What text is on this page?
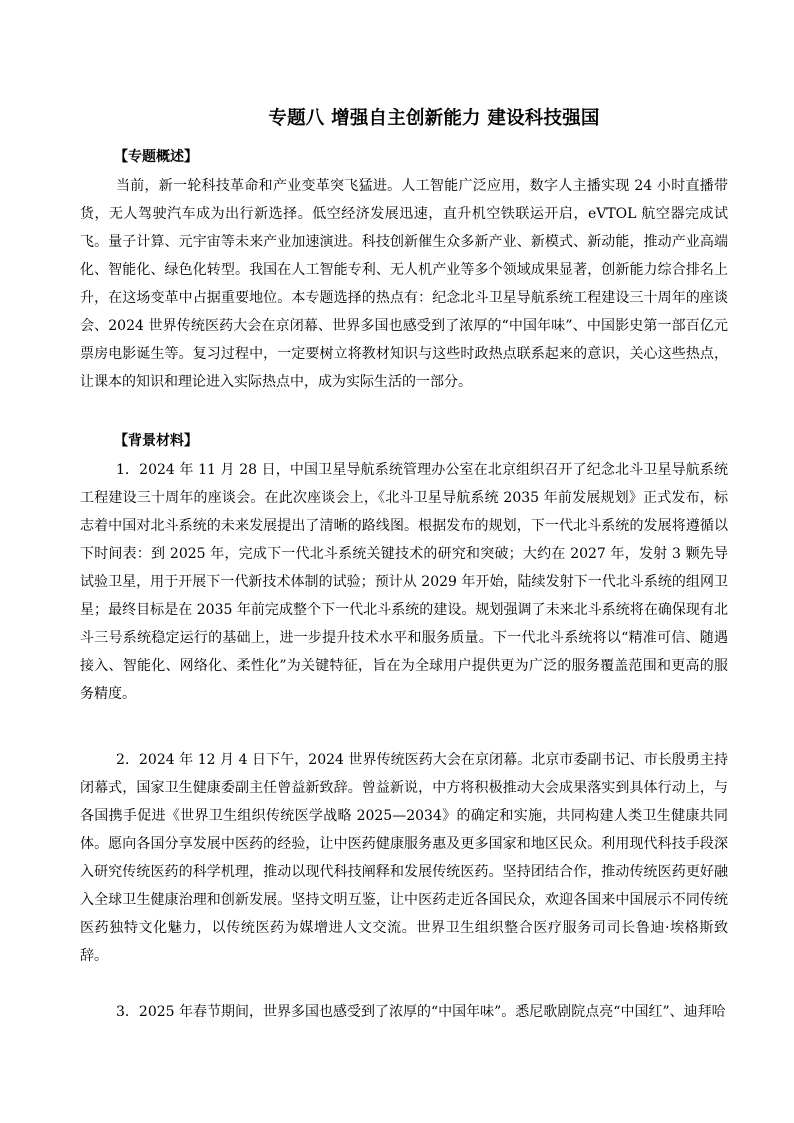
专题八 增强自主创新能力 建设科技强国
【专题概述】

当前，新一轮科技革命和产业变革突飞猛进。人工智能广泛应用，数字人主播实现 24 小时直播带货，无人驾驶汽车成为出行新选择。低空经济发展迅速，直升机空铁联运开启，eVTOL 航空器完成试飞。量子计算、元宇宙等未来产业加速演进。科技创新催生众多新产业、新模式、新动能，推动产业高端化、智能化、绿色化转型。我国在人工智能专利、无人机产业等多个领域成果显著，创新能力综合排名上升，在这场变革中占据重要地位。本专题选择的热点有：纪念北斗卫星导航系统工程建设三十周年的座谈会、2024 世界传统医药大会在京闭幕、世界多国也感受到了浓厚的“中国年味”、中国影史第一部百亿元票房电影诞生等。复习过程中，一定要树立将教材知识与这些时政热点联系起来的意识，关心这些热点，让课本的知识和理论进入实际热点中，成为实际生活的一部分。

【背景材料】

1．2024 年 11 月 28 日，中国卫星导航系统管理办公室在北京组织召开了纪念北斗卫星导航系统工程建设三十周年的座谈会。在此次座谈会上，《北斗卫星导航系统 2035 年前发展规划》正式发布，标志着中国对北斗系统的未来发展提出了清晰的路线图。根据发布的规划，下一代北斗系统的发展将遵循以下时间表：到 2025 年，完成下一代北斗系统关键技术的研究和突破；大约在 2027 年，发射 3 颗先导试验卫星，用于开展下一代新技术体制的试验；预计从 2029 年开始，陆续发射下一代北斗系统的组网卫星；最终目标是在 2035 年前完成整个下一代北斗系统的建设。规划强调了未来北斗系统将在确保现有北斗三号系统稳定运行的基础上，进一步提升技术水平和服务质量。下一代北斗系统将以“精准可信、随遇接入、智能化、网络化、柔性化”为关键特征，旨在为全球用户提供更为广泛的服务覆盖范围和更高的服务精度。

2．2024 年 12 月 4 日下午，2024 世界传统医药大会在京闭幕。北京市委副书记、市长殷勇主持闭幕式，国家卫生健康委副主任曾益新致辞。曾益新说，中方将积极推动大会成果落实到具体行动上，与各国携手促进《世界卫生组织传统医学战略 2025—2034》的确定和实施，共同构建人类卫生健康共同体。愿向各国分享发展中医药的经验，让中医药健康服务惠及更多国家和地区民众。利用现代科技手段深入研究传统医药的科学机理，推动以现代科技阐释和发展传统医药。坚持团结合作，推动传统医药更好融入全球卫生健康治理和创新发展。坚持文明互鉴，让中医药走近各国民众，欢迎各国来中国展示不同传统医药独特文化魅力，以传统医药为媒增进人文交流。世界卫生组织整合医疗服务司司长鲁迪·埃格斯致辞。

3．2025 年春节期间，世界多国也感受到了浓厚的“中国年味”。悉尼歌剧院点亮“中国红”、迪拜哈
